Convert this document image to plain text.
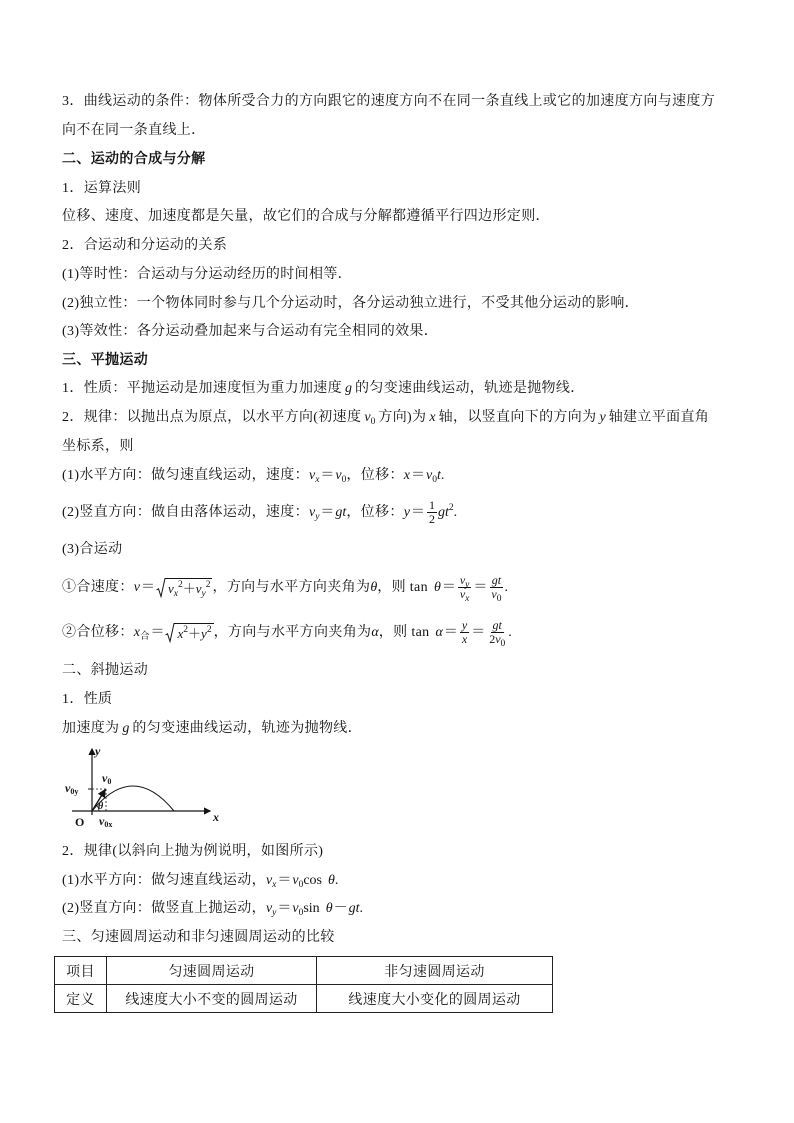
3．曲线运动的条件：物体所受合力的方向跟它的速度方向不在同一条直线上或它的加速度方向与速度方
向不在同一条直线上．
二、运动的合成与分解
1．运算法则
位移、速度、加速度都是矢量，故它们的合成与分解都遵循平行四边形定则．
2．合运动和分运动的关系
(1)等时性：合运动与分运动经历的时间相等．
(2)独立性：一个物体同时参与几个分运动时，各分运动独立进行，不受其他分运动的影响．
(3)等效性：各分运动叠加起来与合运动有完全相同的效果．
三、平抛运动
1．性质：平抛运动是加速度恒为重力加速度 g 的匀变速曲线运动，轨迹是抛物线．
2．规律：以抛出点为原点，以水平方向(初速度 $v_0$ 方向)为 x 轴，以竖直向下的方向为 y 轴建立平面直角
坐标系，则
(1)水平方向：做匀速直线运动，速度：$v_x=v_0$，位移：$x=v_0t$.
(2)竖直方向：做自由落体运动，速度：$v_y=gt$，位移：$y= \frac{1}{2} gt^2$.
(3)合运动
①合速度：$v= v_x^2+v_y^2$ ，方向与水平方向夹角为θ，则 $\tan \theta= \frac{v_y}{v_x} = \frac{gt}{v_0}$ .
②合位移：$x_合= x^2+y^2$ ，方向与水平方向夹角为α，则 $\tan \alpha= \frac{y}{x} = \frac{gt}{2v_0}$ .
二、斜抛运动
1．性质
加速度为 g 的匀变速曲线运动，轨迹为抛物线．
y
x
O
v0y
v0
θ
v0x
2．规律(以斜向上抛为例说明，如图所示)
(1)水平方向：做匀速直线运动，$v_x=v_0\cos$ θ.
(2)竖直方向：做竖直上抛运动，$v_y=v_0\sin$ θ－gt.
三、匀速圆周运动和非匀速圆周运动的比较
项目	匀速圆周运动	非匀速圆周运动
定义	线速度大小不变的圆周运动	线速度大小变化的圆周运动
